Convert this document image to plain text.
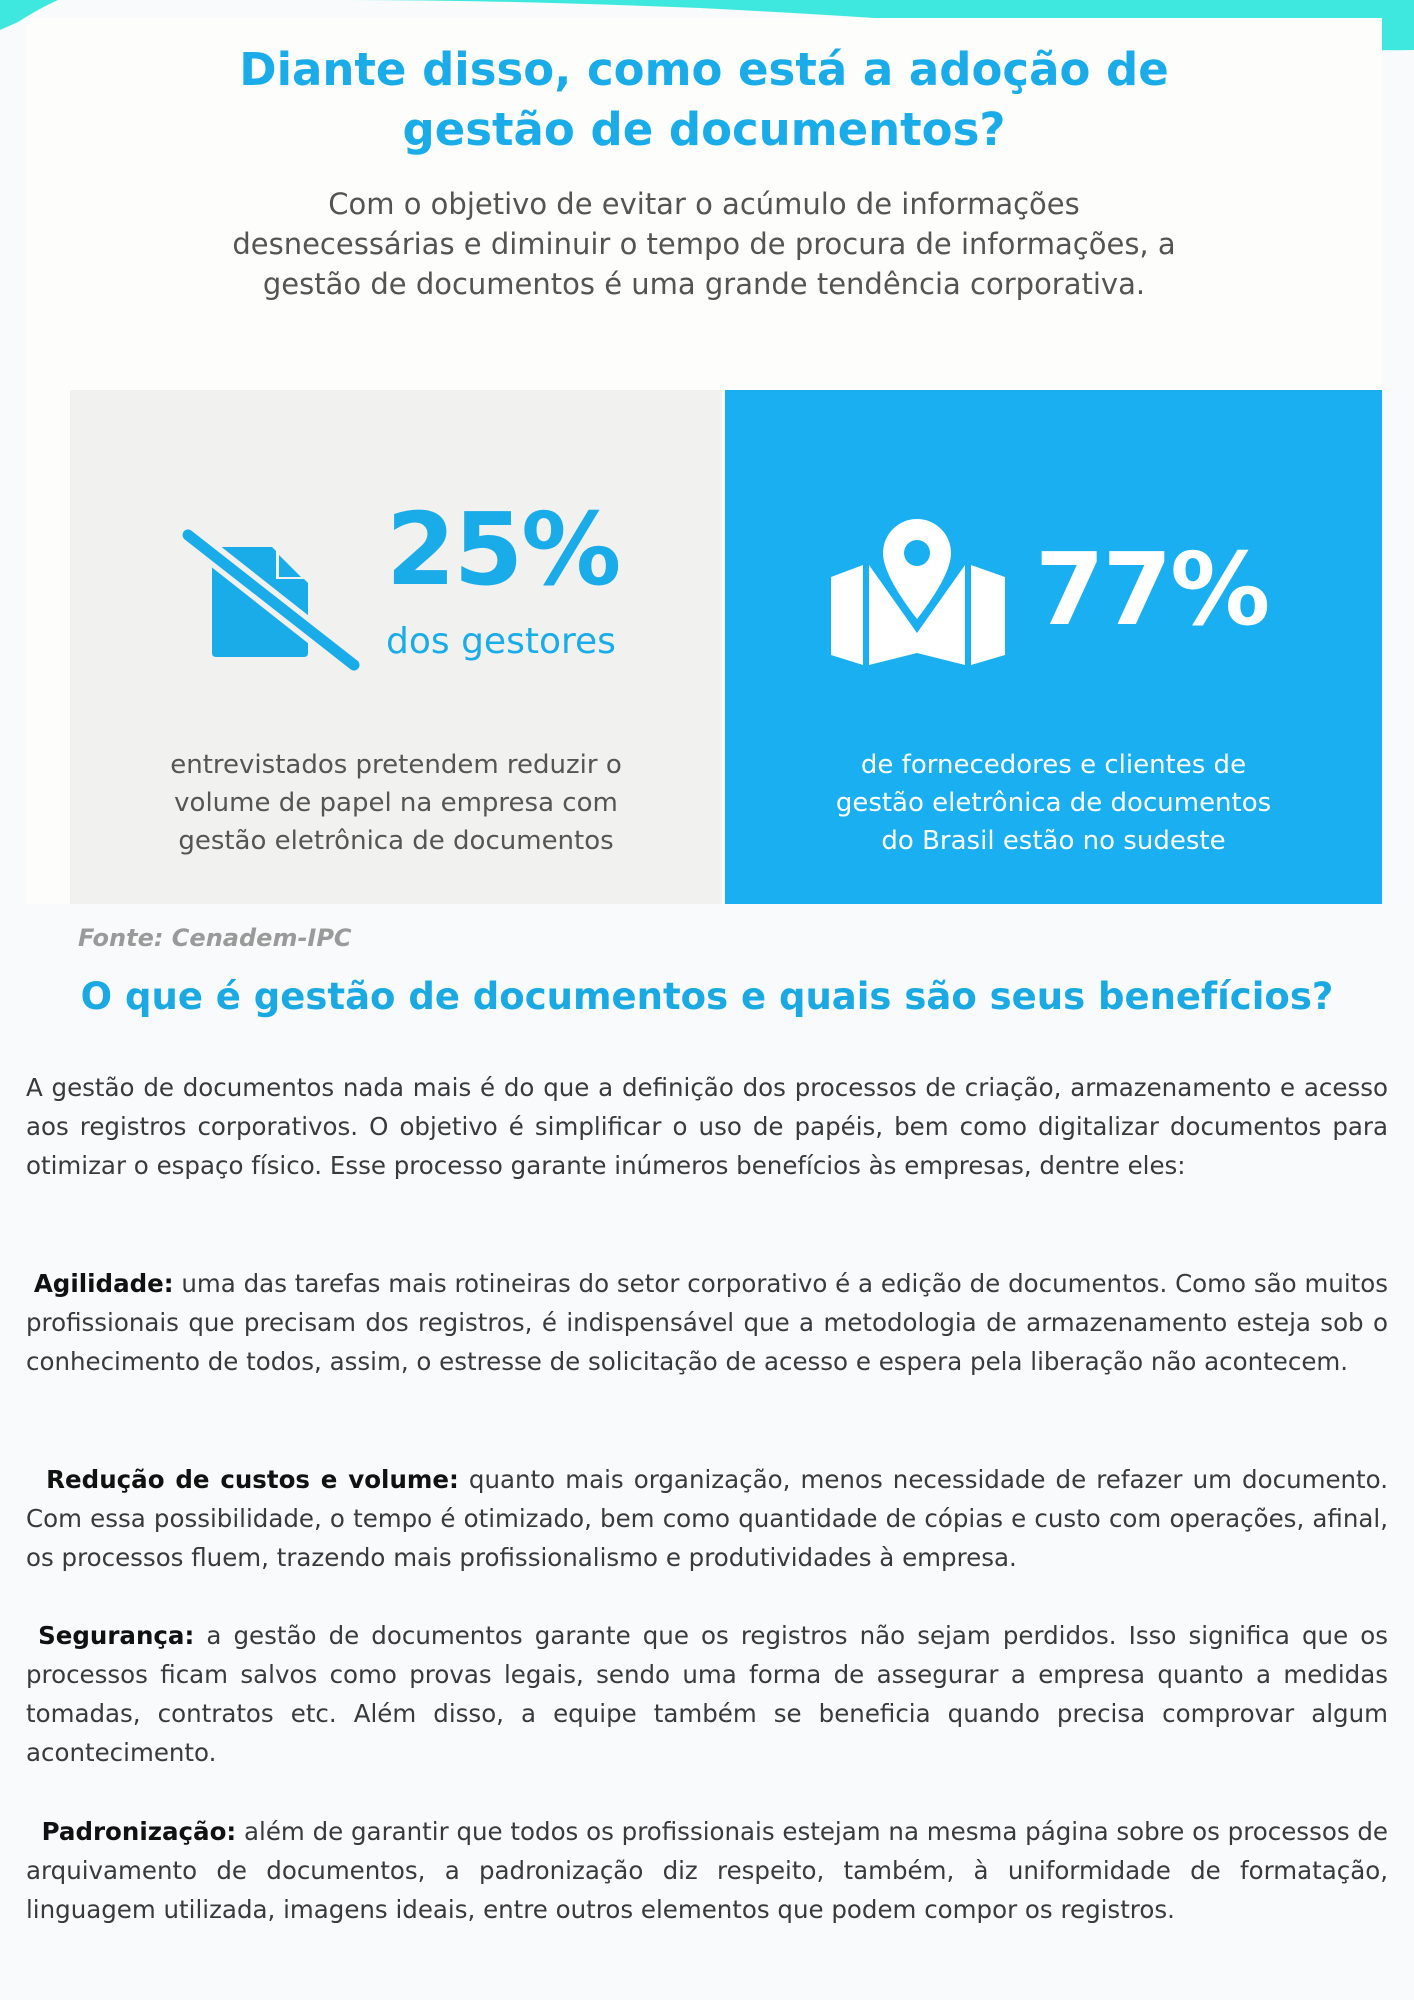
Diante disso, como está a adoção de
gestão de documentos?

Com o objetivo de evitar o acúmulo de informações
desnecessárias e diminuir o tempo de procura de informações, a
gestão de documentos é uma grande tendência corporativa.

25%
dos gestores
entrevistados pretendem reduzir o
volume de papel na empresa com
gestão eletrônica de documentos
77%
de fornecedores e clientes de
gestão eletrônica de documentos
do Brasil estão no sudeste
Fonte: Cenadem-IPC
O que é gestão de documentos e quais são seus benefícios?

A gestão de documentos nada mais é do que a definição dos processos de criação, armazenamento e acesso aos registros corporativos. O objetivo é simplificar o uso de papéis, bem como digitalizar documentos para otimizar o espaço físico. Esse processo garante inúmeros benefícios às empresas, dentre eles:

Agilidade: uma das tarefas mais rotineiras do setor corporativo é a edição de documentos. Como são muitos profissionais que precisam dos registros, é indispensável que a metodologia de armazenamento esteja sob o conhecimento de todos, assim, o estresse de solicitação de acesso e espera pela liberação não acontecem.

Redução de custos e volume: quanto mais organização, menos necessidade de refazer um documento. Com essa possibilidade, o tempo é otimizado, bem como quantidade de cópias e custo com operações, afinal, os processos fluem, trazendo mais profissionalismo e produtividades à empresa.

Segurança: a gestão de documentos garante que os registros não sejam perdidos. Isso significa que os processos ficam salvos como provas legais, sendo uma forma de assegurar a empresa quanto a medidas tomadas, contratos etc. Além disso, a equipe também se beneficia quando precisa comprovar algum acontecimento.

Padronização: além de garantir que todos os profissionais estejam na mesma página sobre os processos de arquivamento de documentos, a padronização diz respeito, também, à uniformidade de formatação, linguagem utilizada, imagens ideais, entre outros elementos que podem compor os registros.
